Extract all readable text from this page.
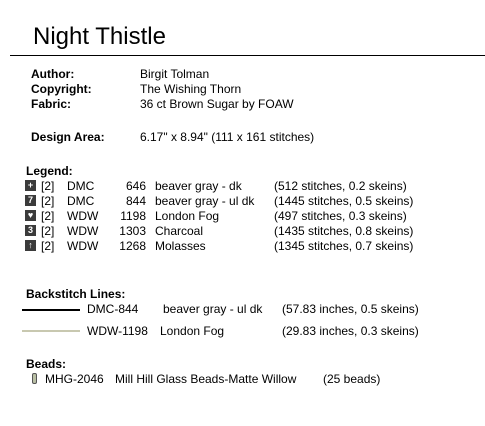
Night Thistle
Author:	Birgit Tolman
Copyright:	The Wishing Thorn
Fabric:	36 ct Brown Sugar by FOAW
Design Area:	6.17" x 8.94" (111 x 161 stitches)
Legend:
+ [2] DMC	646 beaver gray - dk	(512 stitches, 0.2 skeins)
7 [2] DMC	844 beaver gray - ul dk (1445 stitches, 0.5 skeins)
♥ [2] WDW 1198 London Fog	(497 stitches, 0.3 skeins)
3 [2] WDW 1303 Charcoal	(1435 stitches, 0.8 skeins)
↑ [2] WDW 1268 Molasses	(1345 stitches, 0.7 skeins)
Backstitch Lines:
DMC-844 beaver gray - ul dk (57.83 inches, 0.5 skeins)
WDW-1198 London Fog	(29.83 inches, 0.3 skeins)
Beads:
MHG-2046 Mill Hill Glass Beads-Matte Willow (25 beads)
